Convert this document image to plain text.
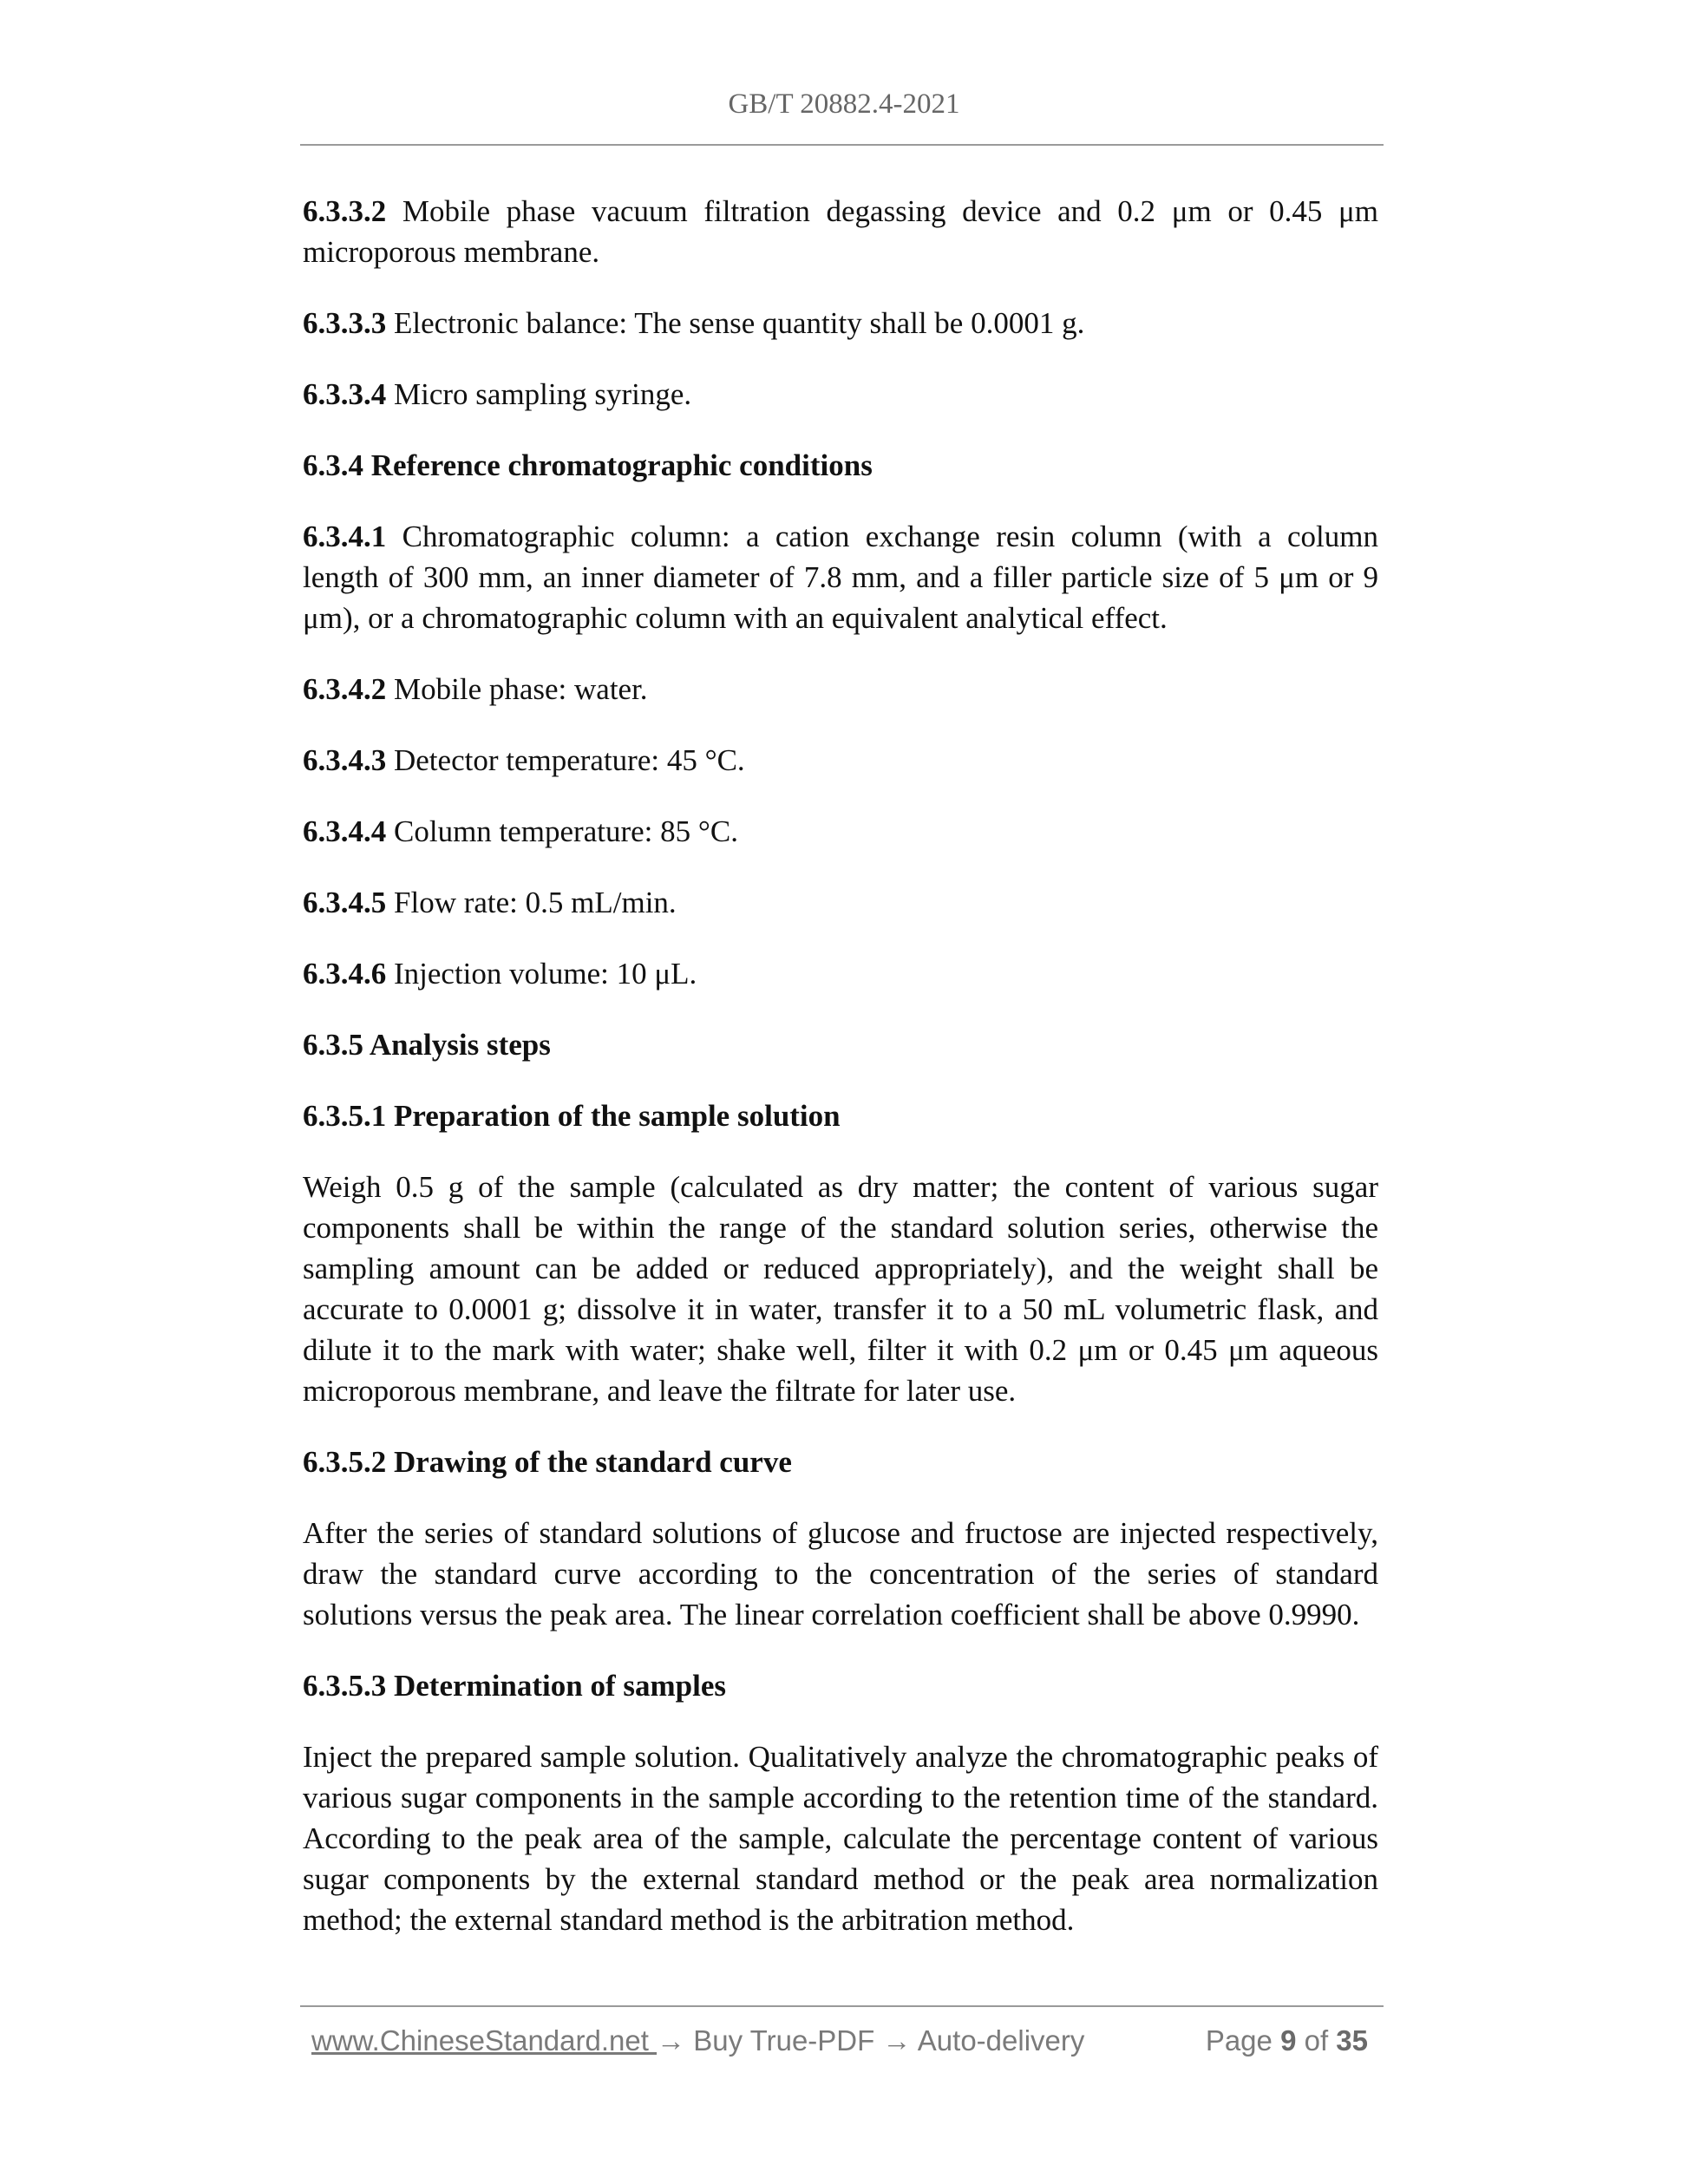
GB/T 20882.4-2021

6.3.3.2 Mobile phase vacuum filtration degassing device and 0.2 μm or 0.45 μm microporous membrane.

6.3.3.3 Electronic balance: The sense quantity shall be 0.0001 g.

6.3.3.4 Micro sampling syringe.

6.3.4 Reference chromatographic conditions

6.3.4.1 Chromatographic column: a cation exchange resin column (with a column length of 300 mm, an inner diameter of 7.8 mm, and a filler particle size of 5 μm or 9 μm), or a chromatographic column with an equivalent analytical effect.

6.3.4.2 Mobile phase: water.

6.3.4.3 Detector temperature: 45 °C.

6.3.4.4 Column temperature: 85 °C.

6.3.4.5 Flow rate: 0.5 mL/min.

6.3.4.6 Injection volume: 10 μL.

6.3.5 Analysis steps

6.3.5.1 Preparation of the sample solution

Weigh 0.5 g of the sample (calculated as dry matter; the content of various sugar components shall be within the range of the standard solution series, otherwise the sampling amount can be added or reduced appropriately), and the weight shall be accurate to 0.0001 g; dissolve it in water, transfer it to a 50 mL volumetric flask, and dilute it to the mark with water; shake well, filter it with 0.2 μm or 0.45 μm aqueous microporous membrane, and leave the filtrate for later use.

6.3.5.2 Drawing of the standard curve

After the series of standard solutions of glucose and fructose are injected respectively, draw the standard curve according to the concentration of the series of standard solutions versus the peak area. The linear correlation coefficient shall be above 0.9990.

6.3.5.3 Determination of samples

Inject the prepared sample solution. Qualitatively analyze the chromatographic peaks of various sugar components in the sample according to the retention time of the standard. According to the peak area of the sample, calculate the percentage content of various sugar components by the external standard method or the peak area normalization method; the external standard method is the arbitration method.

www.ChineseStandard.net → Buy True-PDF → Auto-delivery	Page 9 of 35
